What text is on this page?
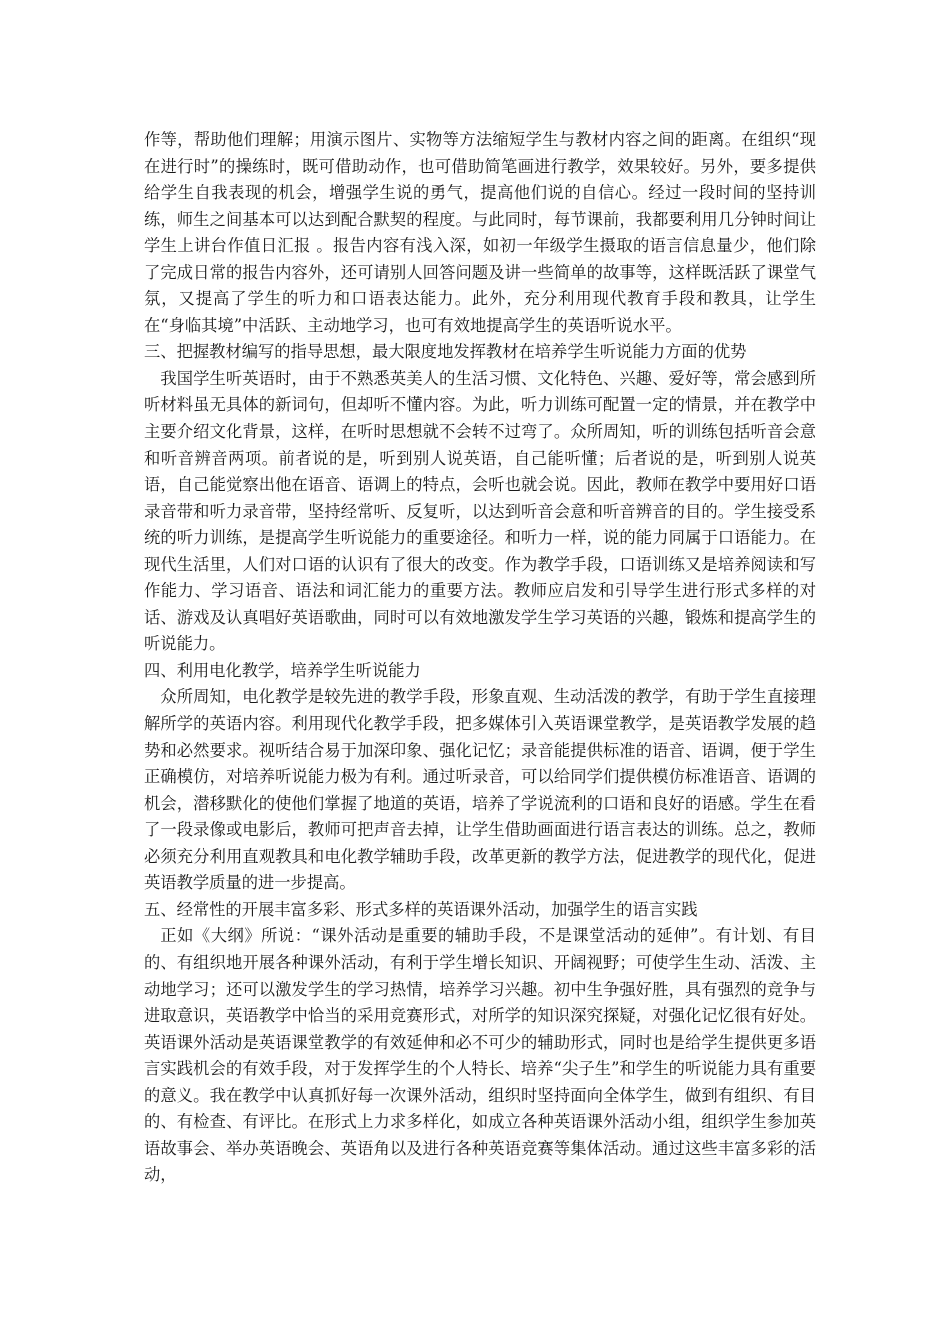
作等，帮助他们理解；用演示图片、实物等方法缩短学生与教材内容之间的距离。在组织“现在进行时”的操练时，既可借助动作，也可借助简笔画进行教学，效果较好。另外，要多提供给学生自我表现的机会，增强学生说的勇气，提高他们说的自信心。经过一段时间的坚持训练，师生之间基本可以达到配合默契的程度。与此同时，每节课前，我都要利用几分钟时间让学生上讲台作值日汇报 。报告内容有浅入深，如初一年级学生摄取的语言信息量少，他们除了完成日常的报告内容外，还可请别人回答问题及讲一些简单的故事等，这样既活跃了课堂气氛，又提高了学生的听力和口语表达能力。此外，充分利用现代教育手段和教具，让学生在“身临其境”中活跃、主动地学习，也可有效地提高学生的英语听说水平。

三、把握教材编写的指导思想，最大限度地发挥教材在培养学生听说能力方面的优势

我国学生听英语时，由于不熟悉英美人的生活习惯、文化特色、兴趣、爱好等，常会感到所听材料虽无具体的新词句，但却听不懂内容。为此，听力训练可配置一定的情景，并在教学中主要介绍文化背景，这样，在听时思想就不会转不过弯了。众所周知，听的训练包括听音会意和听音辨音两项。前者说的是，听到别人说英语，自己能听懂；后者说的是，听到别人说英语，自己能觉察出他在语音、语调上的特点，会听也就会说。因此，教师在教学中要用好口语录音带和听力录音带，坚持经常听、反复听，以达到听音会意和听音辨音的目的。学生接受系统的听力训练，是提高学生听说能力的重要途径。和听力一样，说的能力同属于口语能力。在现代生活里，人们对口语的认识有了很大的改变。作为教学手段，口语训练又是培养阅读和写作能力、学习语音、语法和词汇能力的重要方法。教师应启发和引导学生进行形式多样的对话、游戏及认真唱好英语歌曲，同时可以有效地激发学生学习英语的兴趣，锻炼和提高学生的听说能力。

四、利用电化教学，培养学生听说能力

众所周知，电化教学是较先进的教学手段，形象直观、生动活泼的教学，有助于学生直接理解所学的英语内容。利用现代化教学手段，把多媒体引入英语课堂教学，是英语教学发展的趋势和必然要求。视听结合易于加深印象、强化记忆；录音能提供标准的语音、语调，便于学生正确模仿，对培养听说能力极为有利。通过听录音，可以给同学们提供模仿标准语音、语调的机会，潜移默化的使他们掌握了地道的英语，培养了学说流利的口语和良好的语感。学生在看了一段录像或电影后，教师可把声音去掉，让学生借助画面进行语言表达的训练。总之，教师必须充分利用直观教具和电化教学辅助手段，改革更新的教学方法，促进教学的现代化，促进英语教学质量的进一步提高。

五、经常性的开展丰富多彩、形式多样的英语课外活动，加强学生的语言实践

正如《大纲》所说：“课外活动是重要的辅助手段，不是课堂活动的延伸”。有计划、有目的、有组织地开展各种课外活动，有利于学生增长知识、开阔视野；可使学生生动、活泼、主动地学习；还可以激发学生的学习热情，培养学习兴趣。初中生争强好胜，具有强烈的竞争与进取意识，英语教学中恰当的采用竞赛形式，对所学的知识深究探疑，对强化记忆很有好处。英语课外活动是英语课堂教学的有效延伸和必不可少的辅助形式，同时也是给学生提供更多语言实践机会的有效手段，对于发挥学生的个人特长、培养“尖子生”和学生的听说能力具有重要的意义。我在教学中认真抓好每一次课外活动，组织时坚持面向全体学生，做到有组织、有目的、有检查、有评比。在形式上力求多样化，如成立各种英语课外活动小组，组织学生参加英语故事会、举办英语晚会、英语角以及进行各种英语竞赛等集体活动。通过这些丰富多彩的活动，
